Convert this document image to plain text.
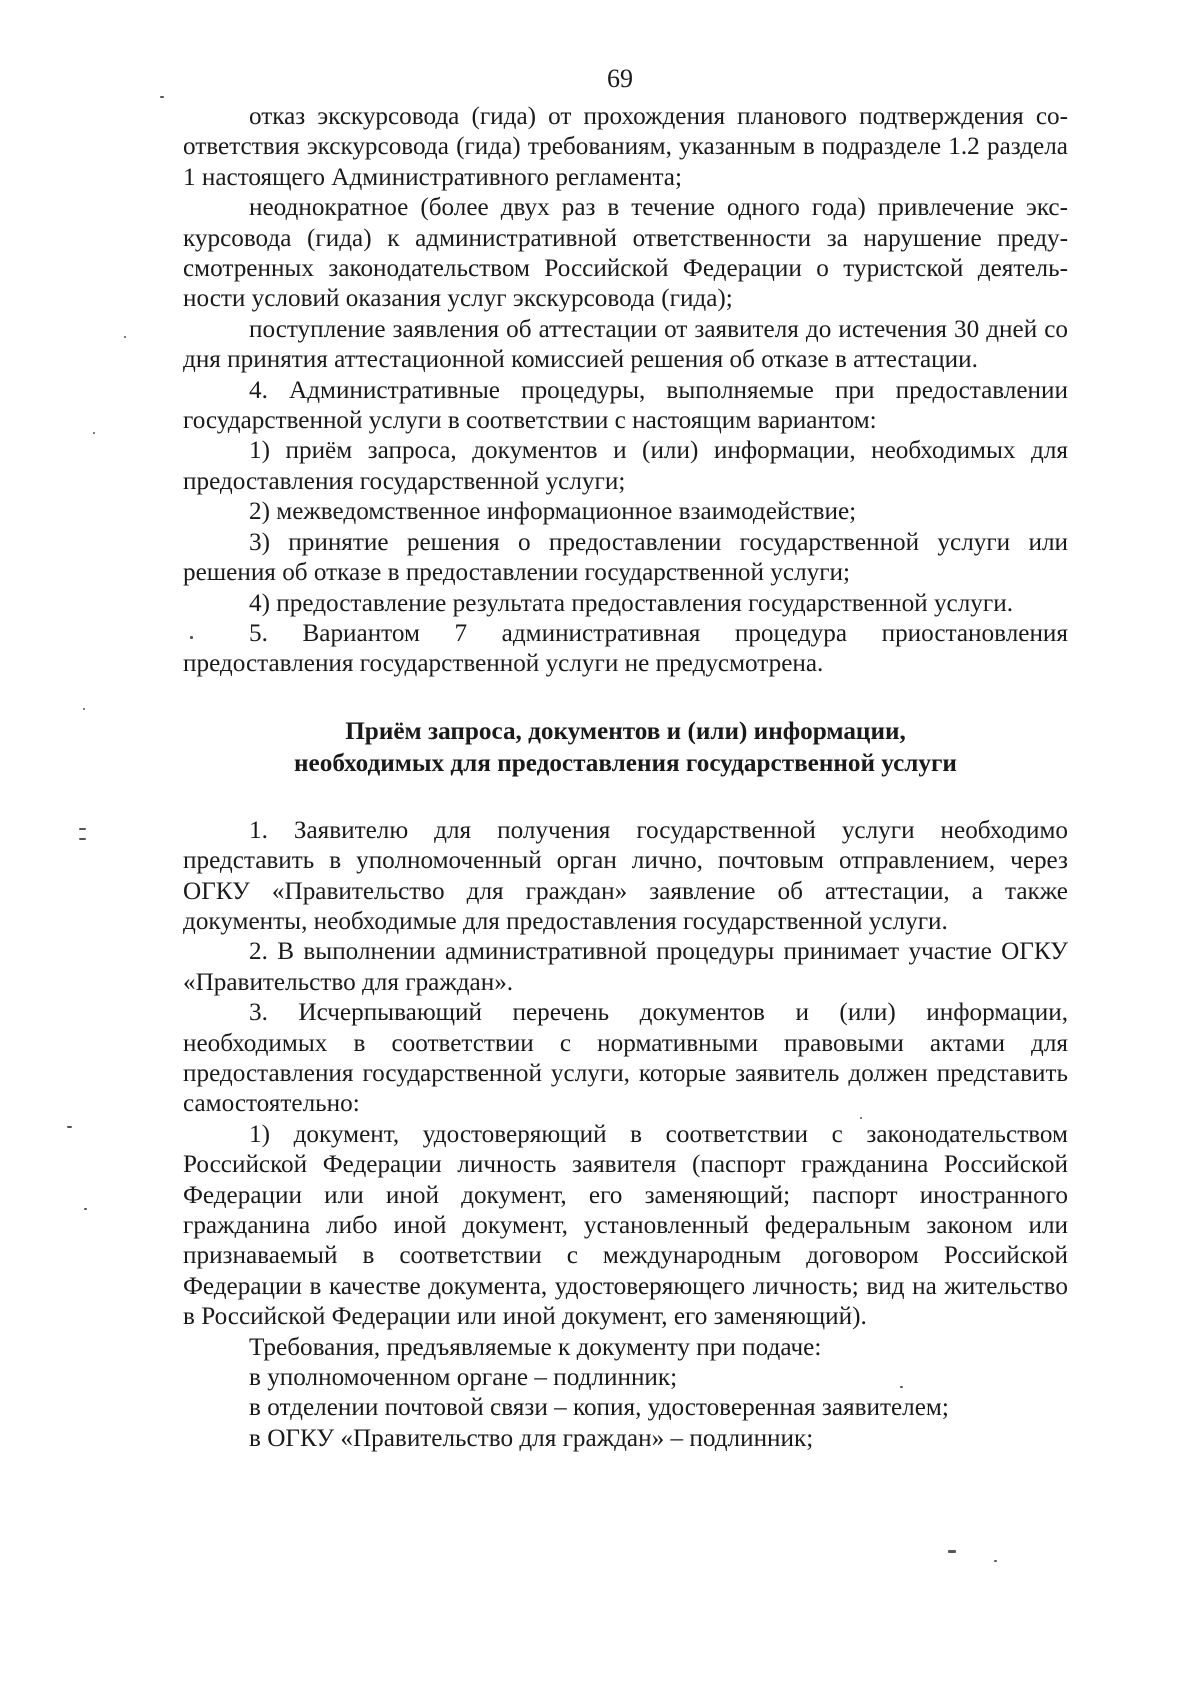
69

отказ экскурсовода (гида) от прохождения планового подтверждения соответствия экскурсовода (гида) требованиям, указанным в подразделе 1.2 раздела 1 настоящего Административного регламента;

неоднократное (более двух раз в течение одного года) привлечение экскурсовода (гида) к административной ответственности за нарушение предусмотренных законодательством Российской Федерации о туристской деятельности условий оказания услуг экскурсовода (гида);

поступление заявления об аттестации от заявителя до истечения 30 дней со дня принятия аттестационной комиссией решения об отказе в аттестации.

4. Административные процедуры, выполняемые при предоставлении государственной услуги в соответствии с настоящим вариантом:

1) приём запроса, документов и (или) информации, необходимых для предоставления государственной услуги;

2) межведомственное информационное взаимодействие;

3) принятие решения о предоставлении государственной услуги или решения об отказе в предоставлении государственной услуги;

4) предоставление результата предоставления государственной услуги.

5. Вариантом 7 административная процедура приостановления предоставления государственной услуги не предусмотрена.

Приём запроса, документов и (или) информации,
необходимых для предоставления государственной услуги

1. Заявителю для получения государственной услуги необходимо представить в уполномоченный орган лично, почтовым отправлением, через ОГКУ «Правительство для граждан» заявление об аттестации, а также документы, необходимые для предоставления государственной услуги.

2. В выполнении административной процедуры принимает участие ОГКУ «Правительство для граждан».

3. Исчерпывающий перечень документов и (или) информации, необходимых в соответствии с нормативными правовыми актами для предоставления государственной услуги, которые заявитель должен представить самостоятельно:

1) документ, удостоверяющий в соответствии с законодательством Российской Федерации личность заявителя (паспорт гражданина Российской Федерации или иной документ, его заменяющий; паспорт иностранного гражданина либо иной документ, установленный федеральным законом или признаваемый в соответствии с международным договором Российской Федерации в качестве документа, удостоверяющего личность; вид на жительство в Российской Федерации или иной документ, его заменяющий).

Требования, предъявляемые к документу при подаче:

в уполномоченном органе – подлинник;

в отделении почтовой связи – копия, удостоверенная заявителем;

в ОГКУ «Правительство для граждан» – подлинник;
